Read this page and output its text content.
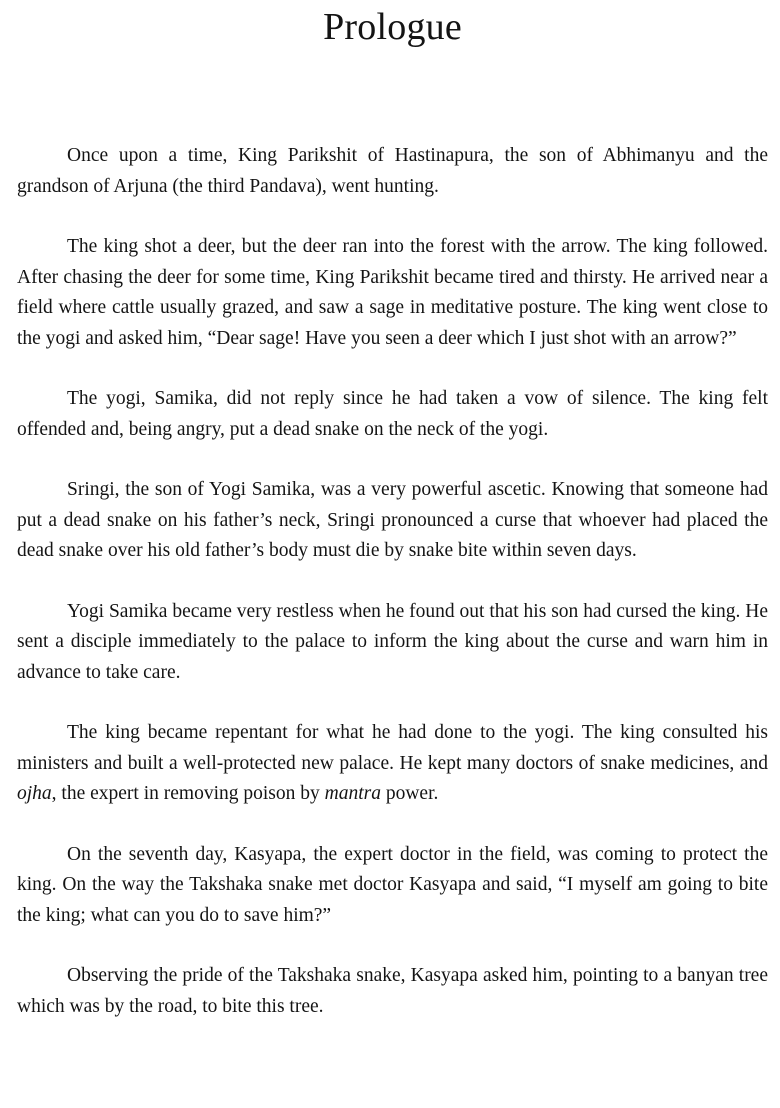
Prologue

Once upon a time, King Parikshit of Hastinapura, the son of Abhimanyu and the grandson of Arjuna (the third Pandava), went hunting.

The king shot a deer, but the deer ran into the forest with the arrow. The king followed. After chasing the deer for some time, King Parikshit became tired and thirsty. He arrived near a field where cattle usually grazed, and saw a sage in meditative posture. The king went close to the yogi and asked him, “Dear sage! Have you seen a deer which I just shot with an arrow?”

The yogi, Samika, did not reply since he had taken a vow of silence. The king felt offended and, being angry, put a dead snake on the neck of the yogi.

Sringi, the son of Yogi Samika, was a very powerful ascetic. Knowing that someone had put a dead snake on his father’s neck, Sringi pronounced a curse that whoever had placed the dead snake over his old father’s body must die by snake bite within seven days.

Yogi Samika became very restless when he found out that his son had cursed the king. He sent a disciple immediately to the palace to inform the king about the curse and warn him in advance to take care.

The king became repentant for what he had done to the yogi. The king consulted his ministers and built a well-protected new palace. He kept many doctors of snake medicines, and ojha, the expert in removing poison by mantra power.

On the seventh day, Kasyapa, the expert doctor in the field, was coming to protect the king. On the way the Takshaka snake met doctor Kasyapa and said, “I myself am going to bite the king; what can you do to save him?”

Observing the pride of the Takshaka snake, Kasyapa asked him, pointing to a banyan tree which was by the road, to bite this tree.
